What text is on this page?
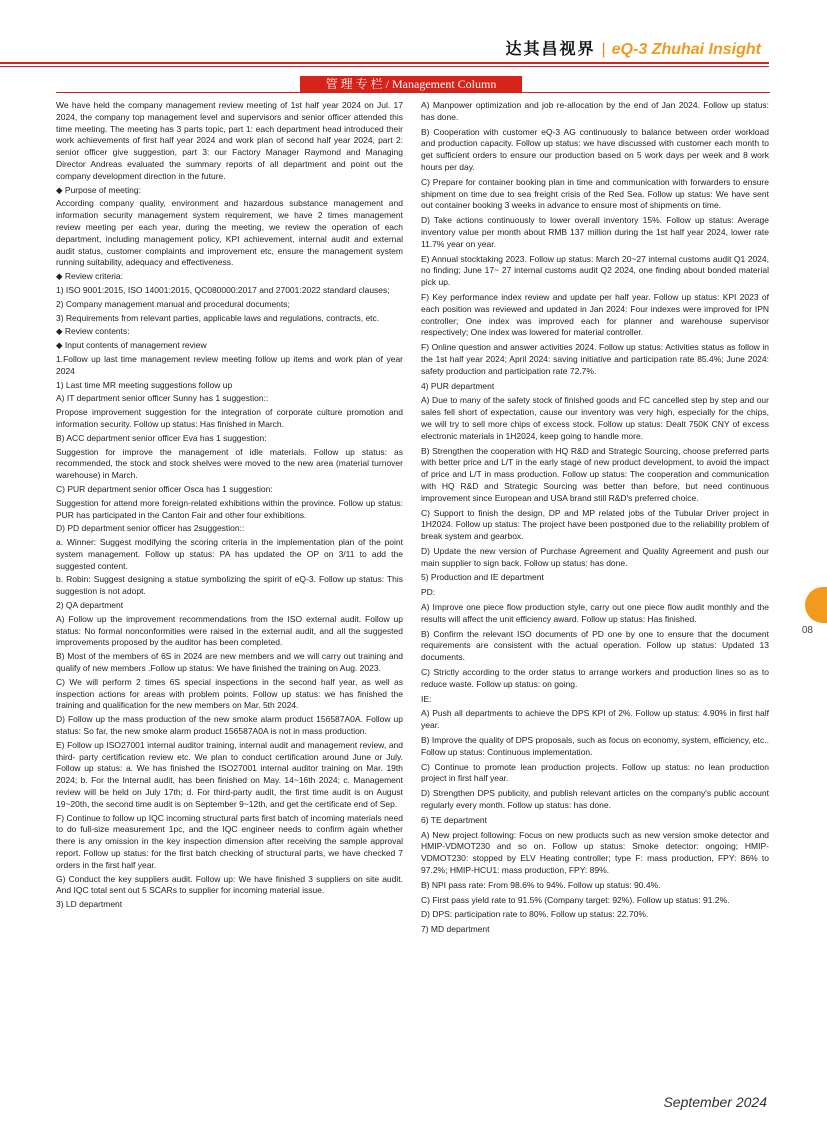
达其昌视界 | eQ-3 Zhuhai Insight
管 理 专 栏 / Management Column

We have held the company management review meeting of 1st half year 2024 on Jul. 17 2024, the company top management level and supervisors and senior officer attended this time meeting. The meeting has 3 parts topic, part 1: each department head introduced their work achievements of first half year 2024 and work plan of second half year 2024, part 2: senior officer give suggestion, part 3: our Factory Manager Raymond and Managing Director Andreas evaluated the summary reports of all department and point out the company development direction in the future.

◆ Purpose of meeting:

According company quality, environment and hazardous substance management and information security management system requirement, we have 2 times management review meeting per each year, during the meeting, we review the operation of each department, including management policy, KPI achievement, internal audit and external audit status, customer complaints and improvement etc, ensure the management system running suitability, adequacy and effectiveness.

◆ Review criteria:

1) ISO 9001:2015, ISO 14001:2015, QC080000:2017 and 27001:2022 standard clauses;

2) Company management manual and procedural documents;

3) Requirements from relevant parties, applicable laws and regulations, contracts, etc.

◆ Review contents:

◆ Input contents of management review

1.Follow up last time management review meeting follow up items and work plan of year 2024

1) Last time MR meeting suggestions follow up

A) IT department senior officer Sunny has 1 suggestion::

Propose improvement suggestion for the integration of corporate culture promotion and information security. Follow up status: Has finished in March.

B) ACC department senior officer Eva has 1 suggestion:

Suggestion for improve the management of idle materials. Follow up status: as recommended, the stock and stock shelves were moved to the new area (material turnover warehouse) in March.

C) PUR department senior officer Osca has 1 suggestion:

Suggestion for attend more foreign-related exhibitions within the province. Follow up status: PUR has participated in the Canton Fair and other four exhibitions.

D) PD department senior officer has 2suggestion::

a. Winner: Suggest modifying the scoring criteria in the implementation plan of the point system management. Follow up status: PA has updated the OP on 3/11 to add the suggested content.

b. Robin: Suggest designing a statue symbolizing the spirit of eQ-3. Follow up status: This suggestion is not adopt.

2) QA department

A) Follow up the improvement recommendations from the ISO external audit. Follow up status: No formal nonconformities were raised in the external audit, and all the suggested improvements proposed by the auditor has been completed.

B) Most of the members of 6S in 2024 are new members and we will carry out training and qualify of new members .Follow up status: We have finished the training on Aug. 2023.

C) We will perform 2 times 6S special inspections in the second half year, as well as inspection actions for areas with problem points. Follow up status: we has finished the training and qualification for the new members on Mar. 5th 2024.

D) Follow up the mass production of the new smoke alarm product 156587A0A. Follow up status: So far, the new smoke alarm product 156587A0A is not in mass production.

E) Follow up ISO27001 internal auditor training, internal audit and management review, and third- party certification review etc. We plan to conduct certification around June or July. Follow up status: a. We has finished the ISO27001 internal auditor training on Mar. 19th 2024; b. For the Internal audit, has been finished on May. 14~16th 2024; c. Management review will be held on July 17th; d. For third-party audit, the first time audit is on August 19~20th, the second time audit is on September 9~12th, and get the certificate end of Sep.

F) Continue to follow up IQC incoming structural parts first batch of incoming materials need to do full-size measurement 1pc, and the IQC engineer needs to confirm again whether there is any omission in the key inspection dimension after receiving the sample approval report. Follow up status: for the first batch checking of structural parts, we have checked 7 orders in the first half year.

G) Conduct the key suppliers audit. Follow up: We have finished 3 suppliers on site audit. And IQC total sent out 5 SCARs to supplier for incoming material issue.

3) LD department

A) Manpower optimization and job re-allocation by the end of Jan 2024. Follow up status: has done.

B) Cooperation with customer eQ-3 AG continuously to balance between order workload and production capacity. Follow up status: we have discussed with customer each month to get sufficient orders to ensure our production based on 5 work days per week and 8 work hours per day.

C) Prepare for container booking plan in time and communication with forwarders to ensure shipment on time due to sea freight crisis of the Red Sea. Follow up status: We have sent out container booking 3 weeks in advance to ensure most of shipments on time.

D) Take actions continuously to lower overall inventory 15%. Follow up status: Average inventory value per month about RMB 137 million during the 1st half year 2024, lower rate 11.7% year on year.

E) Annual stocktaking 2023. Follow up status: March 20~27 internal customs audit Q1 2024, no finding; June 17~ 27 internal customs audit Q2 2024, one finding about bonded material pick up.

F) Key performance index review and update per half year. Follow up status: KPI 2023 of each position was reviewed and updated in Jan 2024: Four indexes were improved for IPN controller; One index was improved each for planner and warehouse supervisor respectively; One index was lowered for material controller.

F) Online question and answer activities 2024. Follow up status: Activities status as follow in the 1st half year 2024; April 2024: saving initiative and participation rate 85.4%; June 2024: safety production and participation rate 72.7%.

4) PUR department

A) Due to many of the safety stock of finished goods and FC cancelled step by step and our sales fell short of expectation, cause our inventory was very high, especially for the chips, we will try to sell more chips of excess stock. Follow up status: Dealt 750K CNY of excess electronic materials in 1H2024, keep going to handle more.

B) Strengthen the cooperation with HQ R&D and Strategic Sourcing, choose preferred parts with better price and L/T in the early stage of new product development, to avoid the impact of price and L/T in mass production. Follow up status: The cooperation and communication with HQ R&D and Strategic Sourcing was better than before, but need continuous improvement since European and USA brand still R&D's preferred choice.

C) Support to finish the design, DP and MP related jobs of the Tubular Driver project in 1H2024. Follow up status: The project have been postponed due to the reliability problem of break system and gearbox.

D) Update the new version of Purchase Agreement and Quality Agreement and push our main supplier to sign back. Follow up status: has done.

5) Production and IE department

PD:

A) Improve one piece flow production style, carry out one piece flow audit monthly and the results will affect the unit efficiency award. Follow up status: Has finished.

B) Confirm the relevant ISO documents of PD one by one to ensure that the document requirements are consistent with the actual operation. Follow up status: Updated 13 documents.

C) Strictly according to the order status to arrange workers and production lines so as to reduce waste. Follow up status: on going.

IE:

A) Push all departments to achieve the DPS KPI of 2%. Follow up status: 4.90% in first half year.

B) Improve the quality of DPS proposals, such as focus on economy, system, efficiency, etc.. Follow up status: Continuous implementation.

C) Continue to promote lean production projects. Follow up status: no lean production project in first half year.

D) Strengthen DPS publicity, and publish relevant articles on the company's public account regularly every month. Follow up status: has done.

6) TE department

A) New project following: Focus on new products such as new version smoke detector and HMIP-VDMOT230 and so on. Follow up status: Smoke detector: ongoing; HMIP-VDMOT230: stopped by ELV Heating controller; type F: mass production, FPY: 86% to 97.2%; HMIP-HCU1: mass production, FPY: 89%.

B) NPI pass rate: From 98.6% to 94%. Follow up status: 90.4%.

C) First pass yield rate to 91.5% (Company target: 92%). Follow up status: 91.2%.

D) DPS: participation rate to 80%. Follow up status: 22.70%.

7) MD department

08
September 2024
